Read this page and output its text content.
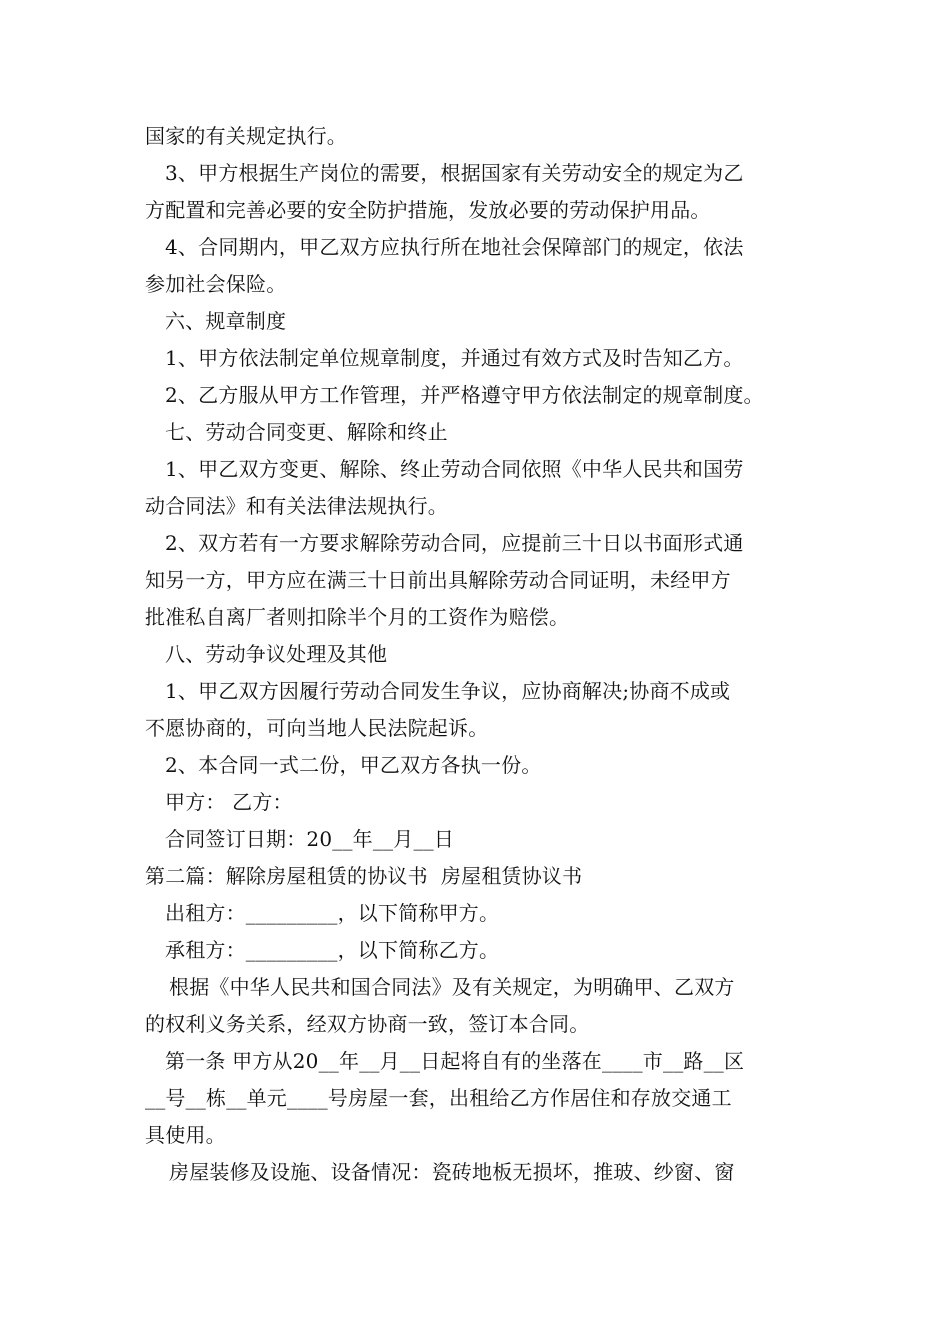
国家的有关规定执行。
3、甲方根据生产岗位的需要，根据国家有关劳动安全的规定为乙
方配置和完善必要的安全防护措施，发放必要的劳动保护用品。
4、合同期内，甲乙双方应执行所在地社会保障部门的规定，依法
参加社会保险。
六、规章制度
1、甲方依法制定单位规章制度，并通过有效方式及时告知乙方。
2、乙方服从甲方工作管理，并严格遵守甲方依法制定的规章制度。
七、劳动合同变更、解除和终止
1、甲乙双方变更、解除、终止劳动合同依照《中华人民共和国劳
动合同法》和有关法律法规执行。
2、双方若有一方要求解除劳动合同，应提前三十日以书面形式通
知另一方，甲方应在满三十日前出具解除劳动合同证明，未经甲方
批准私自离厂者则扣除半个月的工资作为赔偿。
八、劳动争议处理及其他
1、甲乙双方因履行劳动合同发生争议，应协商解决;协商不成或
不愿协商的，可向当地人民法院起诉。
2、本合同一式二份，甲乙双方各执一份。
甲方： 乙方：
合同签订日期：20__年__月__日
第二篇：解除房屋租赁的协议书  房屋租赁协议书
出租方：_________，以下简称甲方。
承租方：_________，以下简称乙方。
根据《中华人民共和国合同法》及有关规定，为明确甲、乙双方
的权利义务关系，经双方协商一致，签订本合同。
第一条 甲方从20__年__月__日起将自有的坐落在____市__路__区
__号__栋__单元____号房屋一套，出租给乙方作居住和存放交通工
具使用。
房屋装修及设施、设备情况：瓷砖地板无损坏，推玻、纱窗、窗
